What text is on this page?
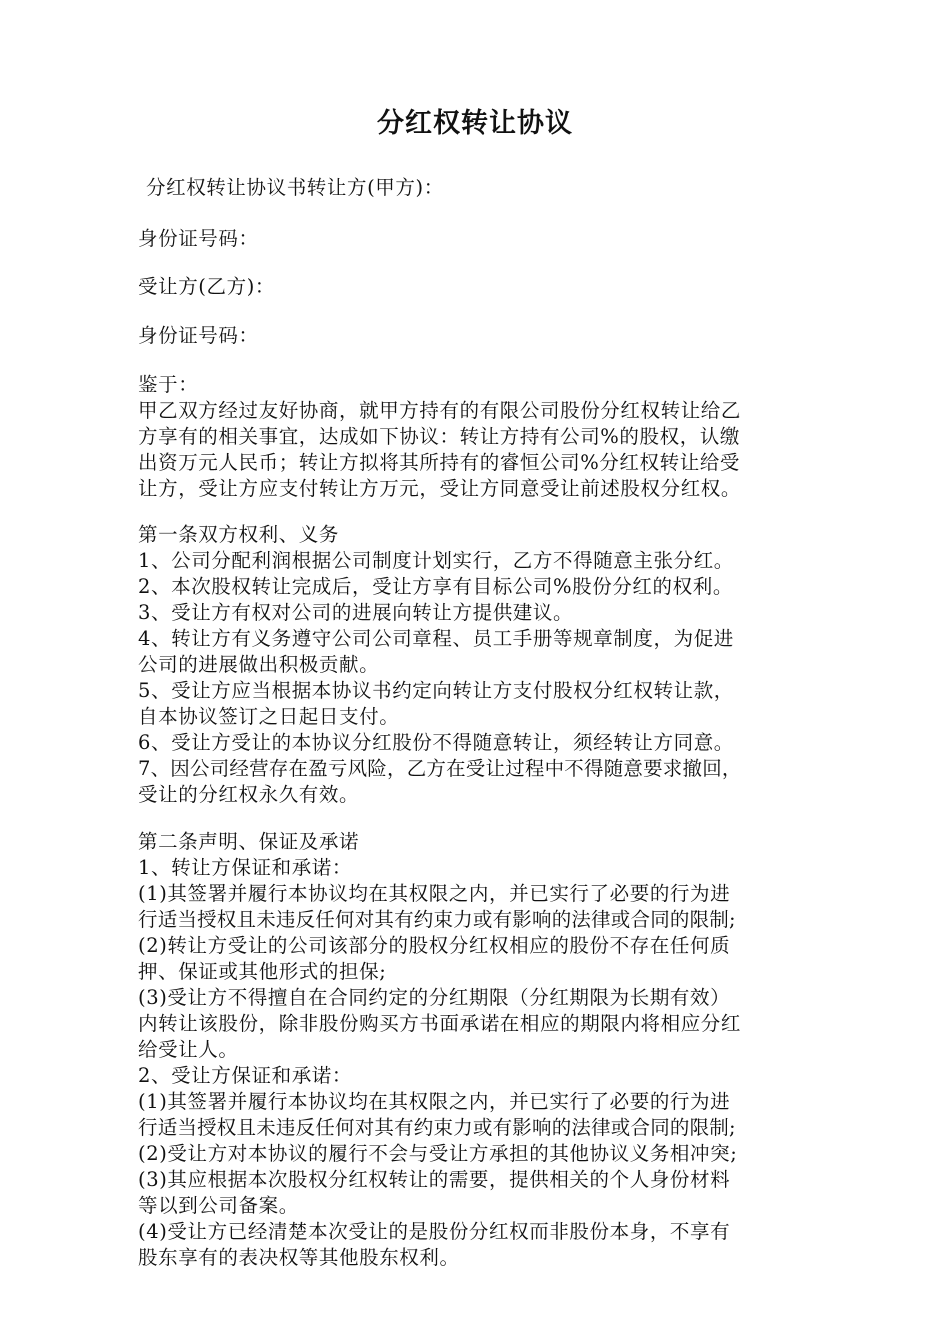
分红权转让协议
分红权转让协议书转让方(甲方)：
身份证号码：
受让方(乙方)：
身份证号码：
鉴于：
甲乙双方经过友好协商，就甲方持有的有限公司股份分红权转让给乙
方享有的相关事宜，达成如下协议：转让方持有公司%的股权，认缴
出资万元人民币；转让方拟将其所持有的睿恒公司%分红权转让给受
让方，受让方应支付转让方万元，受让方同意受让前述股权分红权。
第一条双方权利、义务
1、公司分配利润根据公司制度计划实行，乙方不得随意主张分红。
2、本次股权转让完成后，受让方享有目标公司%股份分红的权利。
3、受让方有权对公司的进展向转让方提供建议。
4、转让方有义务遵守公司公司章程、员工手册等规章制度，为促进
公司的进展做出积极贡献。
5、受让方应当根据本协议书约定向转让方支付股权分红权转让款，
自本协议签订之日起日支付。
6、受让方受让的本协议分红股份不得随意转让，须经转让方同意。
7、因公司经营存在盈亏风险，乙方在受让过程中不得随意要求撤回，
受让的分红权永久有效。
第二条声明、保证及承诺
1、转让方保证和承诺：
(1)其签署并履行本协议均在其权限之内，并已实行了必要的行为进
行适当授权且未违反任何对其有约束力或有影响的法律或合同的限制;
(2)转让方受让的公司该部分的股权分红权相应的股份不存在任何质
押、保证或其他形式的担保;
(3)受让方不得擅自在合同约定的分红期限（分红期限为长期有效）
内转让该股份，除非股份购买方书面承诺在相应的期限内将相应分红
给受让人。
2、受让方保证和承诺：
(1)其签署并履行本协议均在其权限之内，并已实行了必要的行为进
行适当授权且未违反任何对其有约束力或有影响的法律或合同的限制;
(2)受让方对本协议的履行不会与受让方承担的其他协议义务相冲突;
(3)其应根据本次股权分红权转让的需要，提供相关的个人身份材料
等以到公司备案。
(4)受让方已经清楚本次受让的是股份分红权而非股份本身，不享有
股东享有的表决权等其他股东权利。
